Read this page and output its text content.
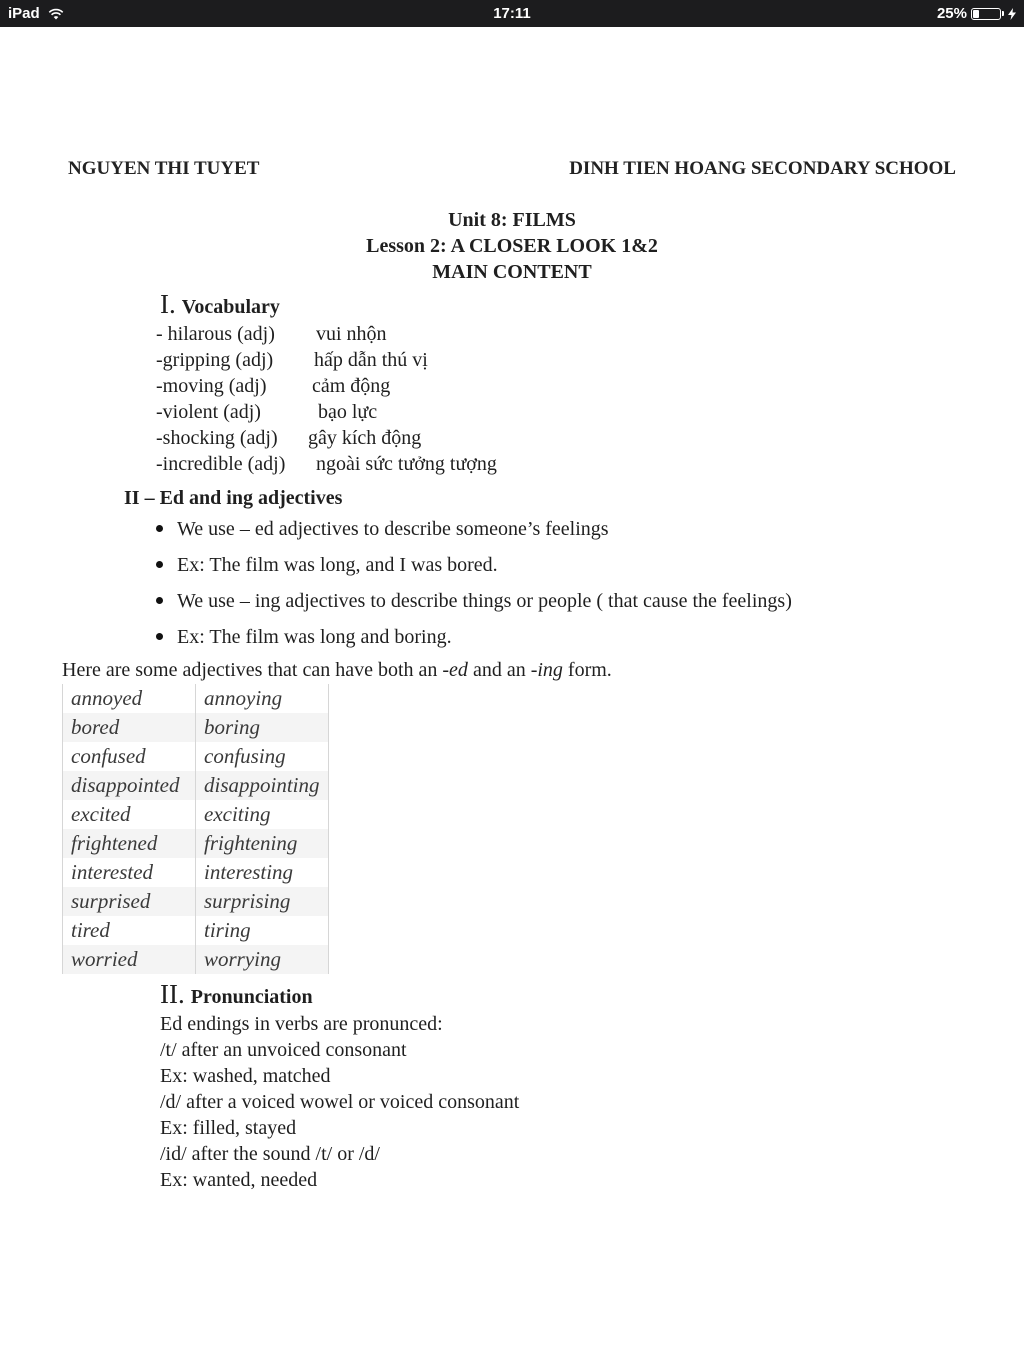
iPad	17:11	25%
NGUYEN THI TUYET	DINH TIEN HOANG SECONDARY SCHOOL
Unit 8: FILMS
Lesson 2: A CLOSER LOOK 1&2
MAIN CONTENT
I. Vocabulary
- hilarous (adj) vui nhộn
-gripping (adj) hấp dẫn thú vị
-moving (adj) cảm động
-violent (adj)	bạo lực
-shocking (adj) gây kích động
-incredible (adj) ngoài sức tưởng tượng
II – Ed and ing adjectives
We use – ed adjectives to describe someone’s feelings
Ex: The film was long, and I was bored.
We use – ing adjectives to describe things or people ( that cause the feelings)
Ex: The film was long and boring.
Here are some adjectives that can have both an -ed and an -ing form.
annoyed	annoying
bored	boring
confused	confusing
disappointed	disappointing
excited	exciting
frightened	frightening
interested	interesting
surprised	surprising
tired	tiring
worried	worrying
II. Pronunciation
Ed endings in verbs are pronunced:
/t/ after an unvoiced consonant
Ex: washed, matched
/d/ after a voiced wowel or voiced consonant
Ex: filled, stayed
/id/ after the sound /t/ or /d/
Ex: wanted, needed
